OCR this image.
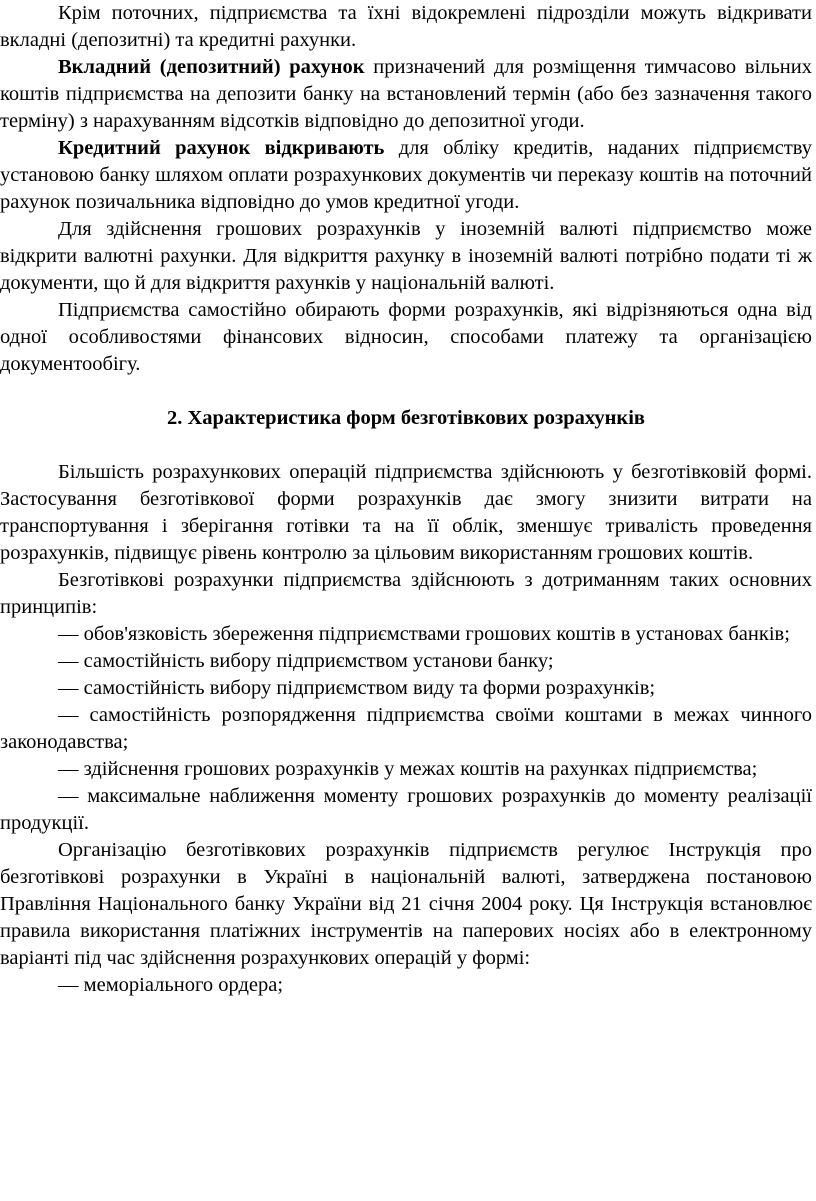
Крім поточних, підприємства та їхні відокремлені підрозділи можуть відкривати вкладні (депозитні) та кредитні рахунки.

Вкладний (депозитний) рахунок призначений для розміщення тимчасово вільних коштів підприємства на депозити банку на встановлений термін (або без зазначення такого терміну) з нарахуванням відсотків відповідно до депозитної угоди.

Кредитний рахунок відкривають для обліку кредитів, наданих підприємству установою банку шляхом оплати розрахункових документів чи переказу коштів на поточний рахунок позичальника відповідно до умов кредитної угоди.

Для здійснення грошових розрахунків у іноземній валюті підприємство може відкрити валютні рахунки. Для відкриття рахунку в іноземній валюті потрібно подати ті ж документи, що й для відкриття рахунків у національній валюті.

Підприємства самостійно обирають форми розрахунків, які відрізняються одна від одної особливостями фінансових відносин, способами платежу та організацією документообігу.

2. Характеристика форм безготівкових розрахунків

Більшість розрахункових операцій підприємства здійснюють у безготівковій формі. Застосування безготівкової форми розрахунків дає змогу знизити витрати на транспортування і зберігання готівки та на її облік, зменшує тривалість проведення розрахунків, підвищує рівень контролю за цільовим використанням грошових коштів.

Безготівкові розрахунки підприємства здійснюють з дотриманням таких основних принципів:

— обов'язковість збереження підприємствами грошових коштів в установах банків;

— самостійність вибору підприємством установи банку;

— самостійність вибору підприємством виду та форми розрахунків;

— самостійність розпорядження підприємства своїми коштами в межах чинного законодавства;

— здійснення грошових розрахунків у межах коштів на рахунках підприємства;

— максимальне наближення моменту грошових розрахунків до моменту реалізації продукції.

Організацію безготівкових розрахунків підприємств регулює Інструкція про безготівкові розрахунки в Україні в національній валюті, затверджена постановою Правління Національного банку України від 21 січня 2004 року. Ця Інструкція встановлює правила використання платіжних інструментів на паперових носіях або в електронному варіанті під час здійснення розрахункових операцій у формі:

— меморіального ордера;
